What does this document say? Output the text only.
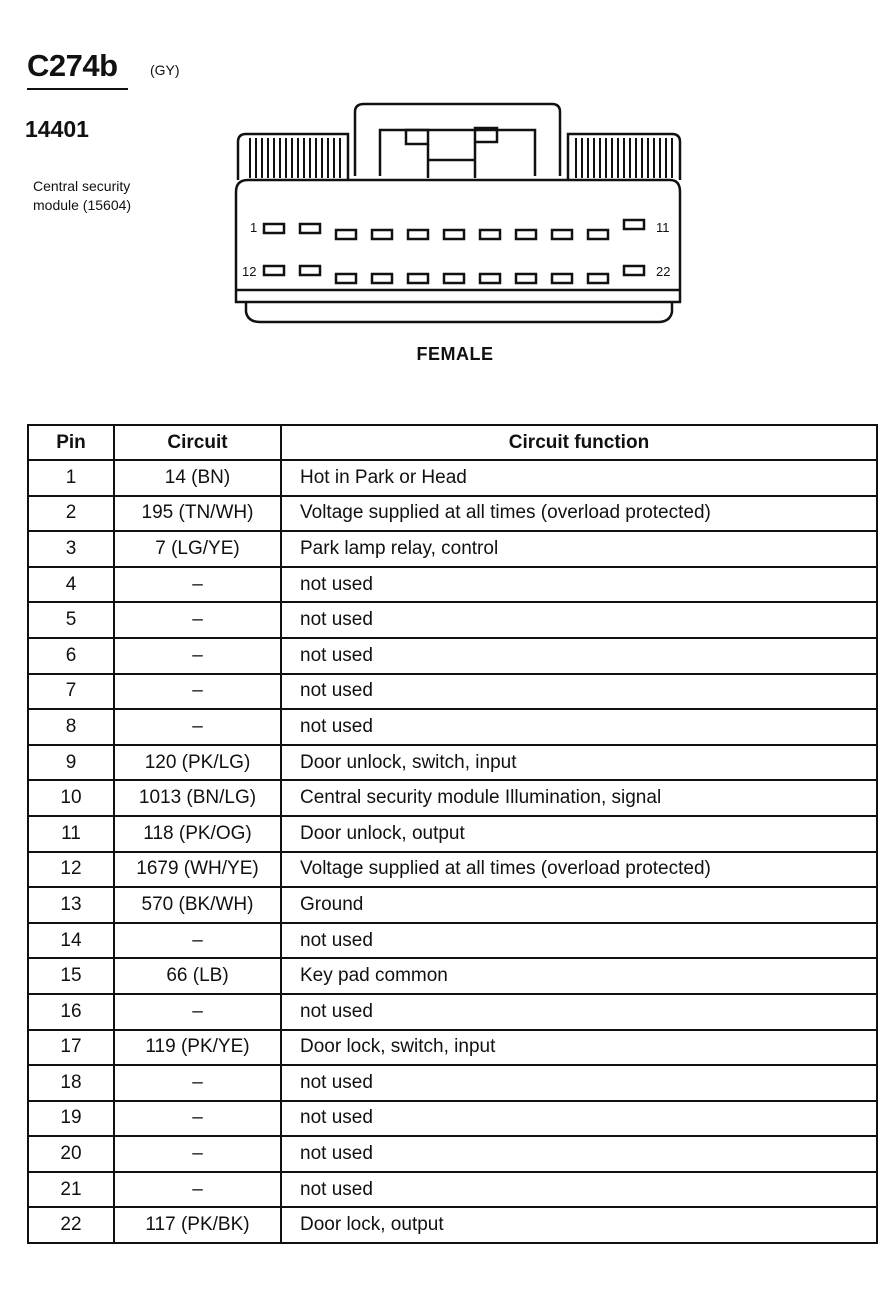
C274b (GY)
14401
Central security module (15604)
1	11
12	22
FEMALE
Pin	Circuit	Circuit function
1	14 (BN)	Hot in Park or Head
2	195 (TN/WH)	Voltage supplied at all times (overload protected)
3	7 (LG/YE)	Park lamp relay, control
4	–	not used
5	–	not used
6	–	not used
7	–	not used
8	–	not used
9	120 (PK/LG)	Door unlock, switch, input
10	1013 (BN/LG)	Central security module Illumination, signal
11	118 (PK/OG)	Door unlock, output
12	1679 (WH/YE)	Voltage supplied at all times (overload protected)
13	570 (BK/WH)	Ground
14	–	not used
15	66 (LB)	Key pad common
16	–	not used
17	119 (PK/YE)	Door lock, switch, input
18	–	not used
19	–	not used
20	–	not used
21	–	not used
22	117 (PK/BK)	Door lock, output
